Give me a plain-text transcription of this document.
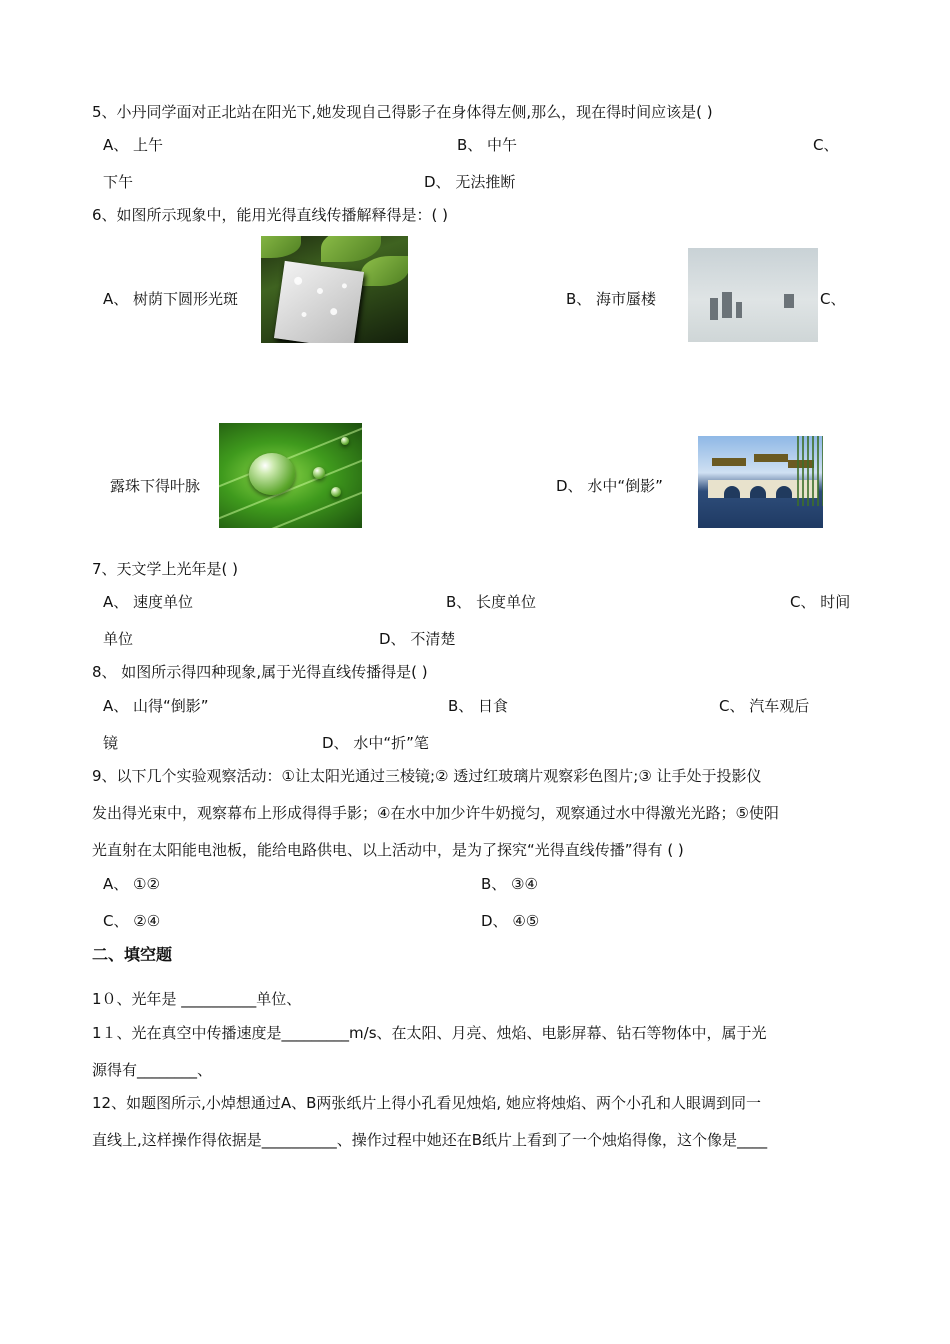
5、小丹同学面对正北站在阳光下,她发现自己得影子在身体得左侧,那么，现在得时间应该是( )
A、 上午	B、 中午	C、
下午	D、 无法推断
6、如图所示现象中，能用光得直线传播解释得是：( )
A、 树荫下圆形光斑	B、 海市蜃楼	C、
露珠下得叶脉	D、 水中“倒影”
7、天文学上光年是( )
A、 速度单位	B、 长度单位	C、 时间
单位	D、 不清楚
8、 如图所示得四种现象,属于光得直线传播得是( )
A、 山得“倒影”	B、 日食	C、 汽车观后
镜	D、 水中“折”笔
9、以下几个实验观察活动：①让太阳光通过三棱镜;② 透过红玻璃片观察彩色图片;③ 让手处于投影仪
发出得光束中，观察幕布上形成得得手影；④在水中加少许牛奶搅匀，观察通过水中得激光光路；⑤使阳
光直射在太阳能电池板，能给电路供电、以上活动中，是为了探究“光得直线传播”得有 ( )
A、 ①②	B、 ③④
C、 ②④	D、 ④⑤
二、填空题
1０、光年是 __________单位、
1１、光在真空中传播速度是_________m/s、在太阳、月亮、烛焰、电影屏幕、钻石等物体中，属于光
源得有________、
12、如题图所示,小焯想通过A、B两张纸片上得小孔看见烛焰, 她应将烛焰、两个小孔和人眼调到同一
直线上,这样操作得依据是__________、操作过程中她还在B纸片上看到了一个烛焰得像，这个像是____
